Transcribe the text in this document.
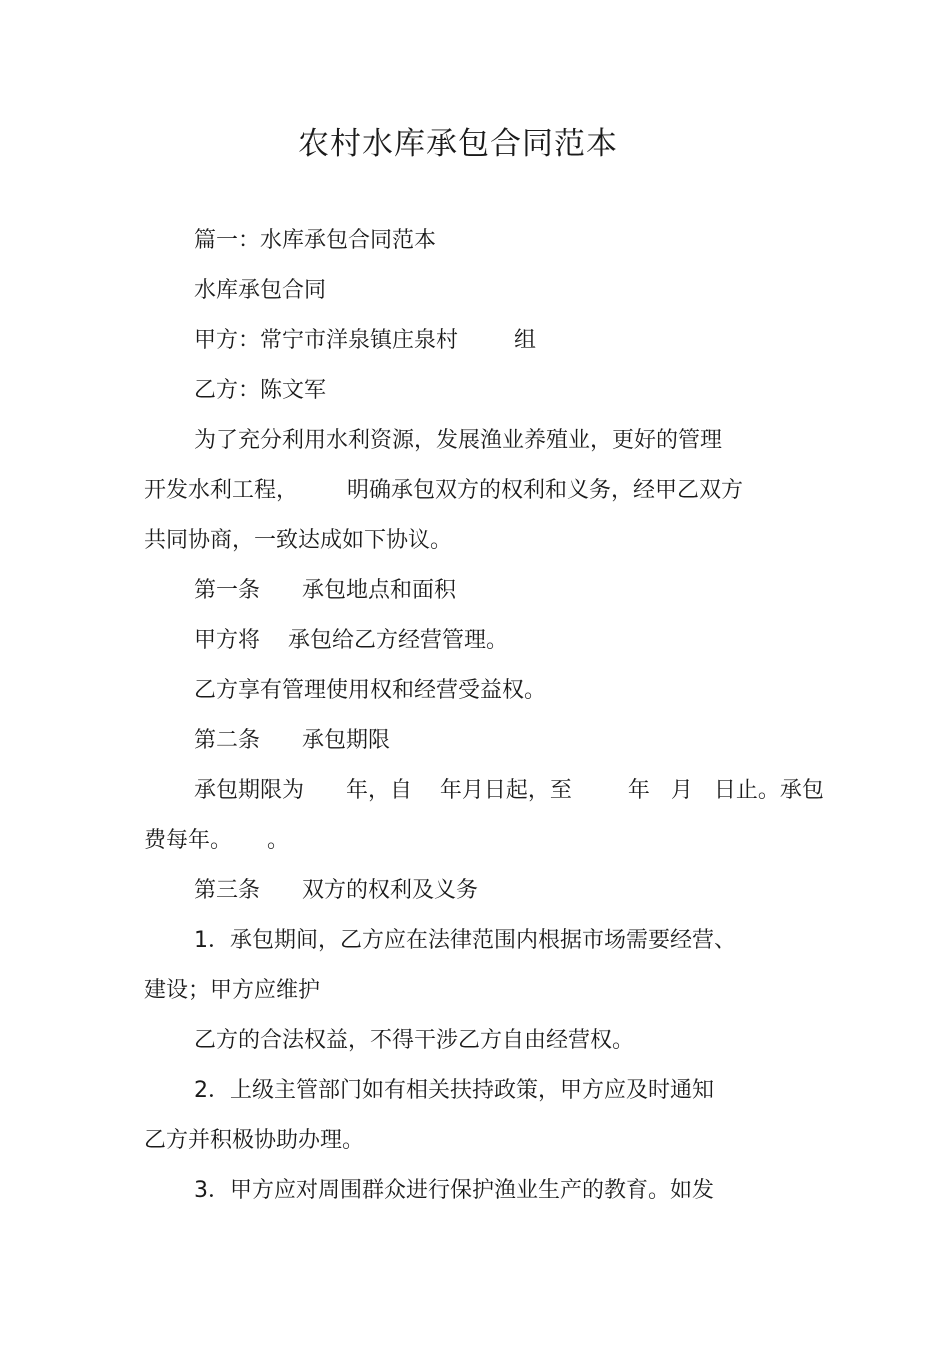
农村水库承包合同范本
篇一：水库承包合同范本
水库承包合同
甲方：常宁市洋泉镇庄泉村        组
乙方：陈文军
为了充分利用水利资源，发展渔业养殖业，更好的管理
开发水利工程，       明确承包双方的权利和义务，经甲乙双方
共同协商，一致达成如下协议。
第一条      承包地点和面积
甲方将    承包给乙方经营管理。
乙方享有管理使用权和经营受益权。
第二条      承包期限
承包期限为      年，自    年月日起，至        年   月   日止。承包
费每年。     。
第三条      双方的权利及义务
1．承包期间，乙方应在法律范围内根据市场需要经营、
建设；甲方应维护
乙方的合法权益，不得干涉乙方自由经营权。
2．上级主管部门如有相关扶持政策，甲方应及时通知
乙方并积极协助办理。
3．甲方应对周围群众进行保护渔业生产的教育。如发
